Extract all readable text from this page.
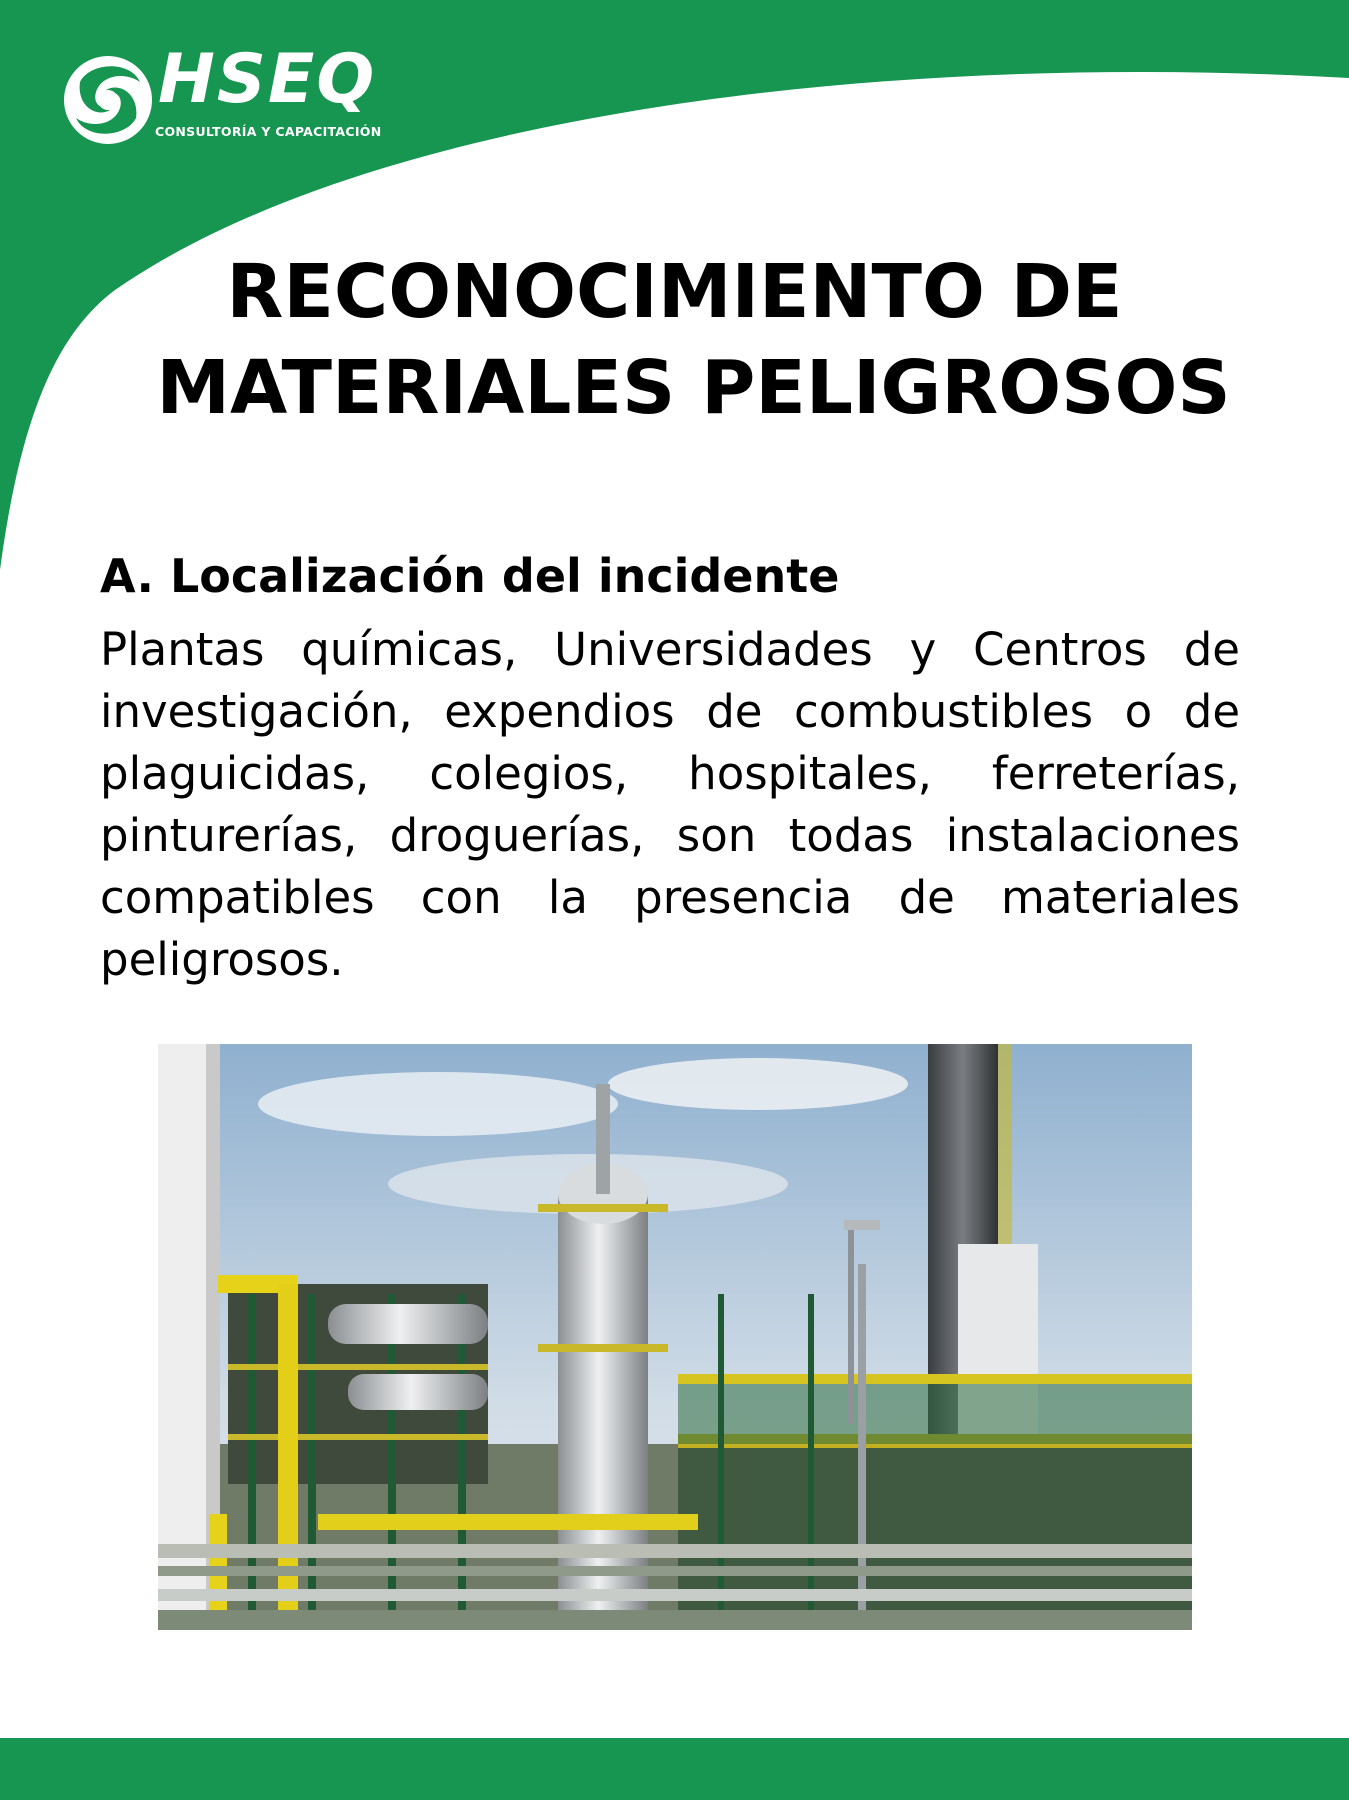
HSEQ
CONSULTORÍA Y CAPACITACIÓN
RECONOCIMIENTO DE
MATERIALES PELIGROSOS
A. Localización del incidente

Plantas químicas, Universidades y Centros de investigación, expendios de combustibles o de plaguicidas, colegios, hospitales, ferreterías, pinturerías, droguerías, son todas instalaciones compatibles con la presencia de materiales peligrosos.
